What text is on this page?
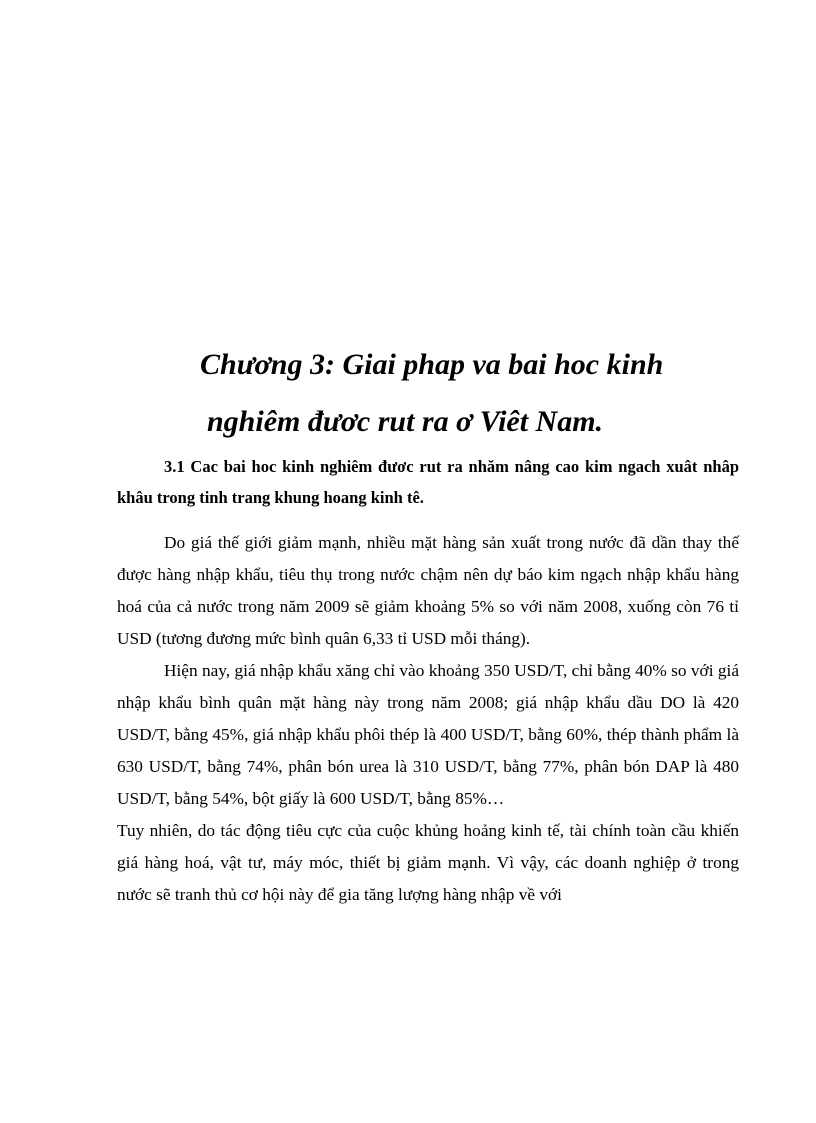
Chương 3: Giai phap va bai hoc kinh
nghiêm đươc rut ra ơ Viêt Nam.
3.1 Cac bai hoc kinh nghiêm đươc rut ra nhăm nâng cao kim ngach xuât nhâp khâu trong tinh trang khung hoang kinh tê.

Do giá thế giới giảm mạnh, nhiều mặt hàng sản xuất trong nước đã dần thay thế được hàng nhập khẩu, tiêu thụ trong nước chậm nên dự báo kim ngạch nhập khẩu hàng hoá của cả nước trong năm 2009 sẽ giảm khoảng 5% so với năm 2008, xuống còn 76 tỉ USD (tương đương mức bình quân 6,33 tỉ USD mỗi tháng).

Hiện nay, giá nhập khẩu xăng chỉ vào khoảng 350 USD/T, chỉ bằng 40% so với giá nhập khẩu bình quân mặt hàng này trong năm 2008; giá nhập khẩu dầu DO là 420 USD/T, bằng 45%, giá nhập khẩu phôi thép là 400 USD/T, bằng 60%, thép thành phẩm là 630 USD/T, bằng 74%, phân bón urea là 310 USD/T, bằng 77%, phân bón DAP là 480 USD/T, bằng 54%, bột giấy là 600 USD/T, bằng 85%…

Tuy nhiên, do tác động tiêu cực của cuộc khủng hoảng kinh tế, tài chính toàn cầu khiến giá hàng hoá, vật tư, máy móc, thiết bị giảm mạnh. Vì vậy, các doanh nghiệp ở trong nước sẽ tranh thủ cơ hội này để gia tăng lượng hàng nhập về với
